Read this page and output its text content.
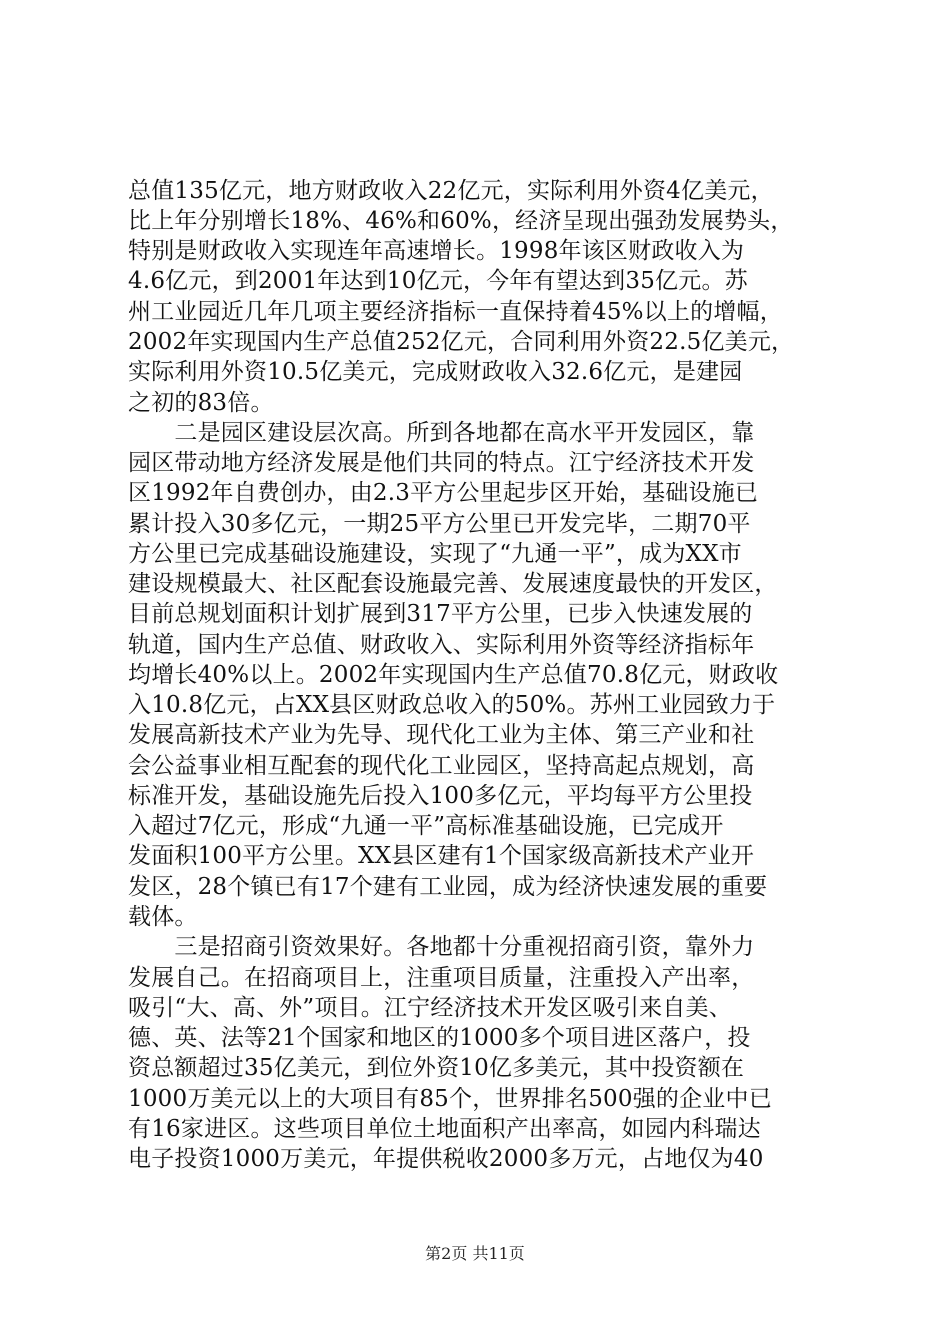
总值135亿元，地方财政收入22亿元，实际利用外资4亿美元，
比上年分别增长18%、46%和60%，经济呈现出强劲发展势头，
特别是财政收入实现连年高速增长。1998年该区财政收入为
4.6亿元，到2001年达到10亿元，今年有望达到35亿元。苏
州工业园近几年几项主要经济指标一直保持着45%以上的增幅，
2002年实现国内生产总值252亿元，合同利用外资22.5亿美元，
实际利用外资10.5亿美元，完成财政收入32.6亿元，是建园
之初的83倍。
　　二是园区建设层次高。所到各地都在高水平开发园区，靠
园区带动地方经济发展是他们共同的特点。江宁经济技术开发
区1992年自费创办，由2.3平方公里起步区开始，基础设施已
累计投入30多亿元，一期25平方公里已开发完毕，二期70平
方公里已完成基础设施建设，实现了“九通一平”，成为XX市
建设规模最大、社区配套设施最完善、发展速度最快的开发区，
目前总规划面积计划扩展到317平方公里，已步入快速发展的
轨道，国内生产总值、财政收入、实际利用外资等经济指标年
均增长40%以上。2002年实现国内生产总值70.8亿元，财政收
入10.8亿元，占XX县区财政总收入的50%。苏州工业园致力于
发展高新技术产业为先导、现代化工业为主体、第三产业和社
会公益事业相互配套的现代化工业园区，坚持高起点规划，高
标准开发，基础设施先后投入100多亿元，平均每平方公里投
入超过7亿元，形成“九通一平”高标准基础设施，已完成开
发面积100平方公里。XX县区建有1个国家级高新技术产业开
发区，28个镇已有17个建有工业园，成为经济快速发展的重要
载体。
　　三是招商引资效果好。各地都十分重视招商引资，靠外力
发展自己。在招商项目上，注重项目质量，注重投入产出率，
吸引“大、高、外”项目。江宁经济技术开发区吸引来自美、
德、英、法等21个国家和地区的1000多个项目进区落户，投
资总额超过35亿美元，到位外资10亿多美元，其中投资额在
1000万美元以上的大项目有85个，世界排名500强的企业中已
有16家进区。这些项目单位土地面积产出率高，如园内科瑞达
电子投资1000万美元，年提供税收2000多万元，占地仅为40
第2页 共11页
